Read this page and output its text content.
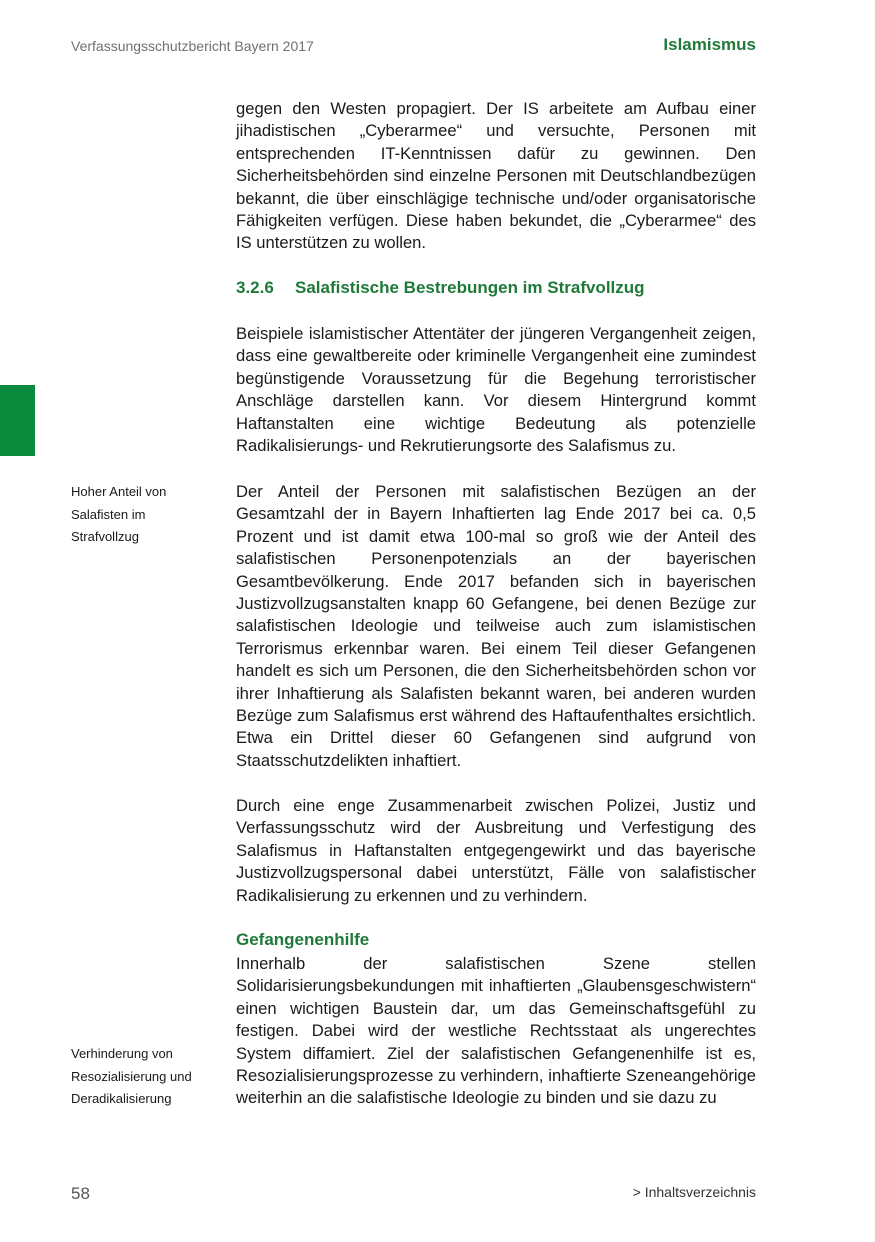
Verfassungsschutzbericht Bayern 2017	Islamismus

gegen den Westen propagiert. Der IS arbeitete am Aufbau einer jihadistischen „Cyberarmee“ und versuchte, Personen mit entsprechenden IT-Kenntnissen dafür zu gewinnen. Den Sicherheitsbehörden sind einzelne Personen mit Deutschlandbezügen bekannt, die über einschlägige technische und/oder organisatorische Fähigkeiten verfügen. Diese haben bekundet, die „Cyberarmee“ des IS unterstützen zu wollen.

3.2.6 Salafistische Bestrebungen im Strafvollzug

Beispiele islamistischer Attentäter der jüngeren Vergangenheit zeigen, dass eine gewaltbereite oder kriminelle Vergangenheit eine zumindest begünstigende Voraussetzung für die Begehung terroristischer Anschläge darstellen kann. Vor diesem Hintergrund kommt Haftanstalten eine wichtige Bedeutung als potenzielle Radikalisierungs- und Rekrutierungsorte des Salafismus zu.

Hoher Anteil von Salafisten im Strafvollzug

Der Anteil der Personen mit salafistischen Bezügen an der Gesamtzahl der in Bayern Inhaftierten lag Ende 2017 bei ca. 0,5 Prozent und ist damit etwa 100-mal so groß wie der Anteil des salafistischen Personenpotenzials an der bayerischen Gesamtbevölkerung. Ende 2017 befanden sich in bayerischen Justizvollzugsanstalten knapp 60 Gefangene, bei denen Bezüge zur salafistischen Ideologie und teilweise auch zum islamistischen Terrorismus erkennbar waren. Bei einem Teil dieser Gefangenen handelt es sich um Personen, die den Sicherheitsbehörden schon vor ihrer Inhaftierung als Salafisten bekannt waren, bei anderen wurden Bezüge zum Salafismus erst während des Haftaufenthaltes ersichtlich. Etwa ein Drittel dieser 60 Gefangenen sind aufgrund von Staatsschutzdelikten inhaftiert.

Durch eine enge Zusammenarbeit zwischen Polizei, Justiz und Verfassungsschutz wird der Ausbreitung und Verfestigung des Salafismus in Haftanstalten entgegengewirkt und das bayerische Justizvollzugspersonal dabei unterstützt, Fälle von salafistischer Radikalisierung zu erkennen und zu verhindern.

Gefangenenhilfe

Innerhalb der salafistischen Szene stellen Solidarisierungsbekundungen mit inhaftierten „Glaubensgeschwistern“ einen wichtigen Baustein dar, um das Gemeinschaftsgefühl zu festigen. Dabei wird der westliche Rechtsstaat als ungerechtes System diffamiert. Ziel der salafistischen Gefangenenhilfe ist es, Resozialisierungsprozesse zu verhindern, inhaftierte Szeneangehörige weiterhin an die salafistische Ideologie zu binden und sie dazu zu

Verhinderung von Resozialisierung und Deradikalisierung
58	> Inhaltsverzeichnis
